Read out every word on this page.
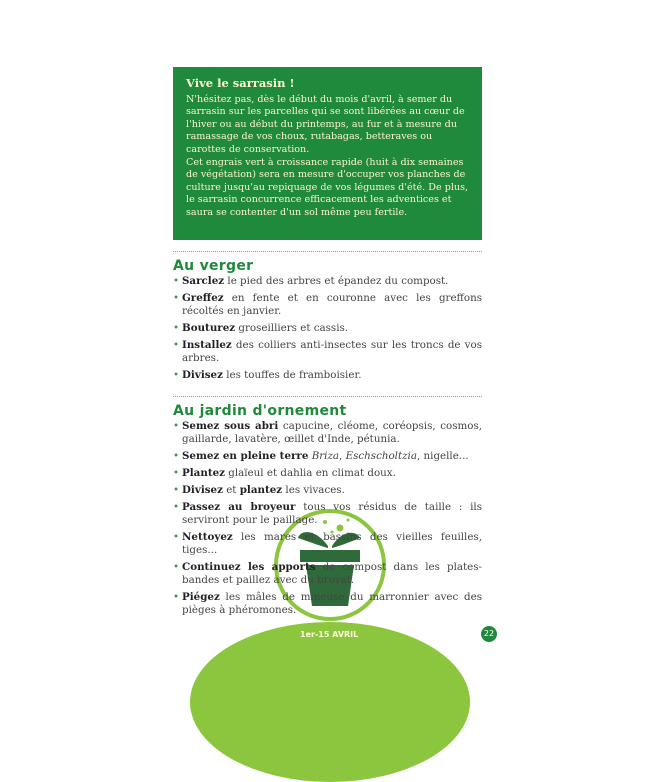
Vive le sarrasin !

N'hésitez pas, dès le début du mois d'avril, à semer du sarrasin sur les parcelles qui se sont libérées au cœur de l'hiver ou au début du printemps, au fur et à mesure du ramassage de vos choux, rutabagas, betteraves ou carottes de conservation.

Cet engrais vert à croissance rapide (huit à dix semaines de végétation) sera en mesure d'occuper vos planches de culture jusqu'au repiquage de vos légumes d'été. De plus, le sarrasin concurrence efficacement les adventices et saura se contenter d'un sol même peu fertile.

Au verger
• Sarclez le pied des arbres et épandez du compost.
• Greffez en fente et en couronne avec les greffons récoltés en janvier.
• Bouturez groseilliers et cassis.
• Installez des colliers anti-insectes sur les troncs de vos arbres.
• Divisez les touffes de framboisier.
Au jardin d'ornement
• Semez sous abri capucine, cléome, coréopsis, cosmos, gaillarde, lavatère, œillet d'Inde, pétunia.
• Semez en pleine terre Briza, Eschscholtzia, nigelle...
• Plantez glaïeul et dahlia en climat doux.
• Divisez et plantez les vivaces.
• Passez au broyeur tous vos résidus de taille : ils serviront pour le paillage.
• Nettoyez les mares et bassins des vieilles feuilles, tiges...
• Continuez les apports de compost dans les plates-bandes et paillez avec du broyat.
• Piégez les mâles de mineuse du marronnier avec des pièges à phéromones.
1er-15 AVRIL	22
